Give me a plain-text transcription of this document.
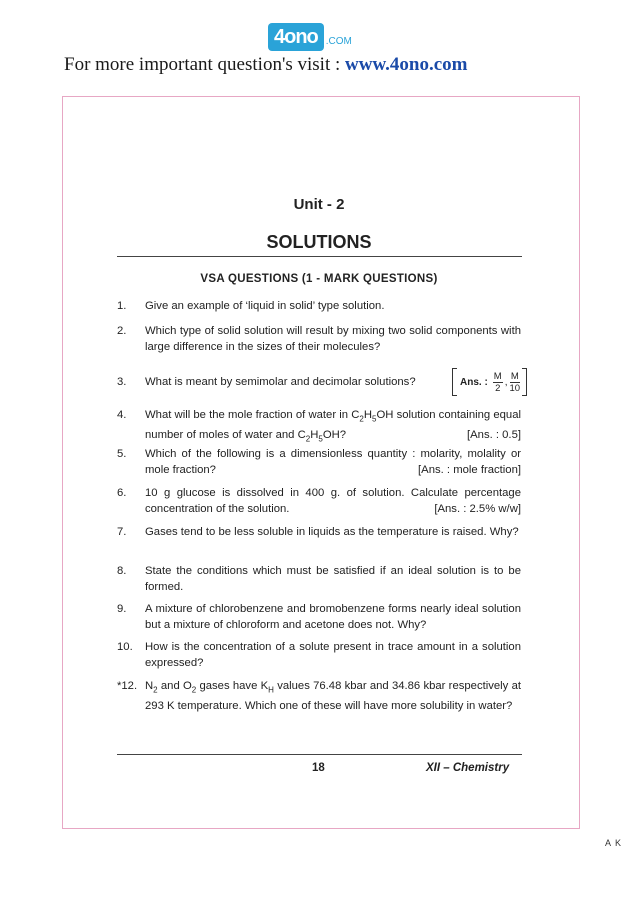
4ono .COM
For more important question's visit : www.4ono.com
Unit - 2
SOLUTIONS
VSA QUESTIONS (1 - MARK QUESTIONS)
1. Give an example of ‘liquid in solid’ type solution.
2. Which type of solid solution will result by mixing two solid components with large difference in the sizes of their molecules?
3. What is meant by semimolar and decimolar solutions?	Ans. : $\frac{M}{2}$ , $\frac{M}{10}$
4. What will be the mole fraction of water in $C_2H_5OH$ solution containing equal number of moles of water and $C_2H_5OH$?	[Ans. : 0.5]
5. Which of the following is a dimensionless quantity : molarity, molality or mole fraction?	[Ans. : mole fraction]
6. 10 g glucose is dissolved in 400 g. of solution. Calculate percentage concentration of the solution.	[Ans. : 2.5% w/w]
7. Gases tend to be less soluble in liquids as the temperature is raised. Why?
8. State the conditions which must be satisfied if an ideal solution is to be formed.
9. A mixture of chlorobenzene and bromobenzene forms nearly ideal solution but a mixture of chloroform and acetone does not. Why?
10. How is the concentration of a solute present in trace amount in a solution expressed?
*12. $N_2$ and $O_2$ gases have $K_H$ values 76.48 kbar and 34.86 kbar respectively at 293 K temperature. Which one of these will have more solubility in water?
18	XII – Chemistry
A K
